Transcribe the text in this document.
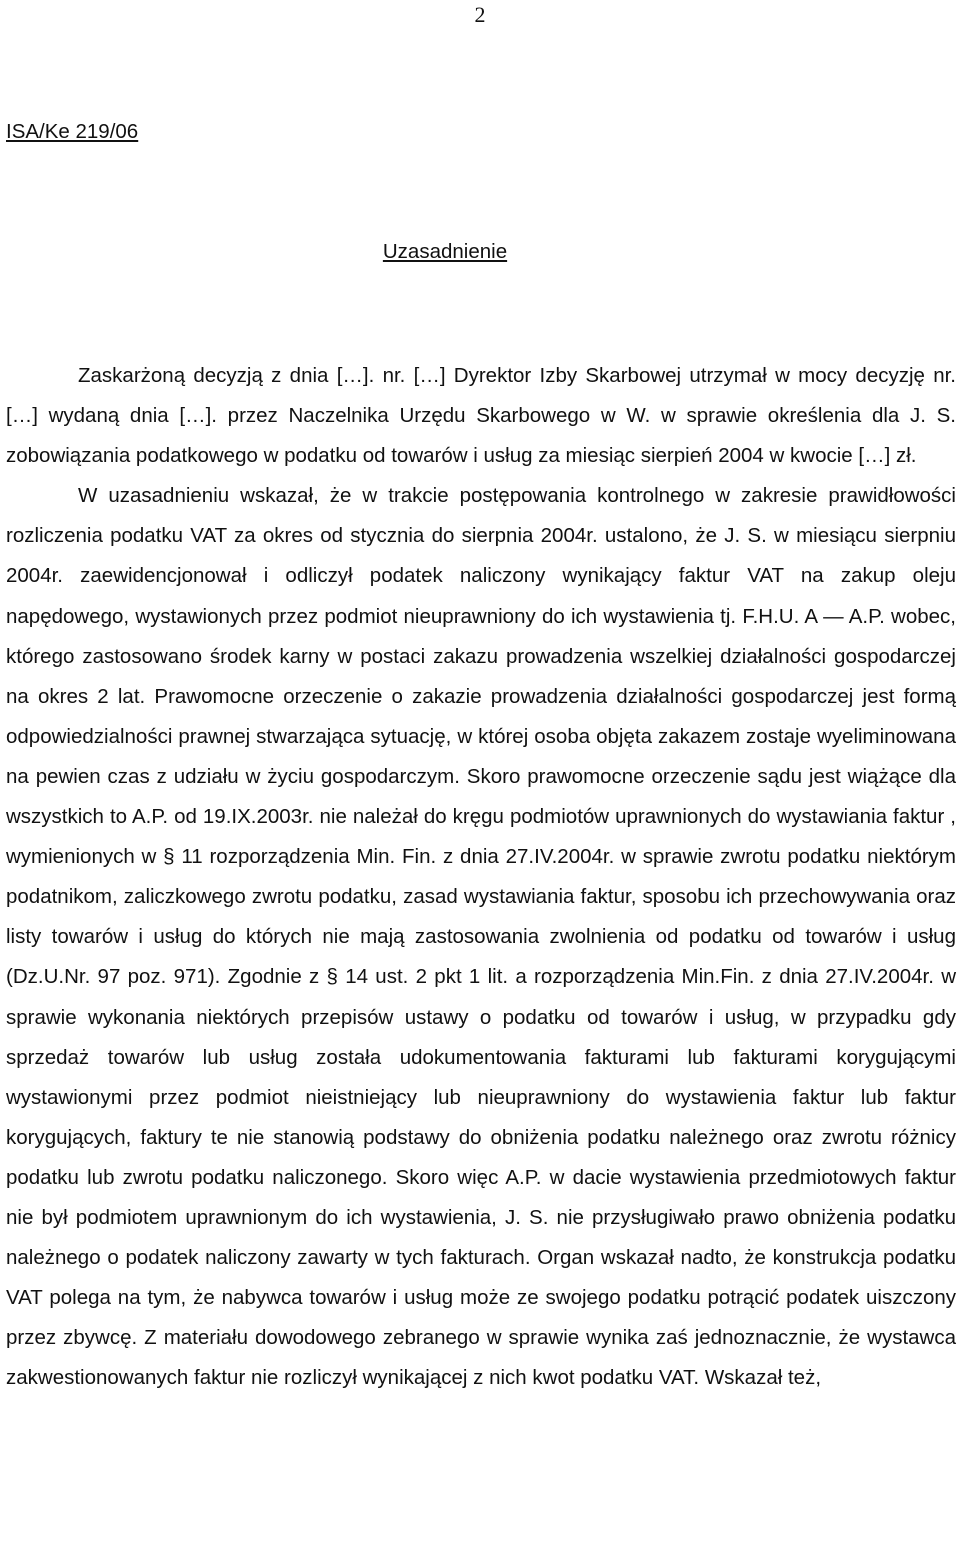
2
ISA/Ke 219/06
Uzasadnienie

Zaskarżoną decyzją z dnia […]. nr. […] Dyrektor Izby Skarbowej utrzymał w mocy decyzję nr. […] wydaną dnia […]. przez Naczelnika Urzędu Skarbowego w W. w sprawie określenia dla J. S. zobowiązania podatkowego w podatku od towarów i usług za miesiąc sierpień 2004 w kwocie […] zł.

W uzasadnieniu wskazał, że w trakcie postępowania kontrolnego w zakresie prawidłowości rozliczenia podatku VAT za okres od stycznia do sierpnia 2004r. ustalono, że J. S. w miesiącu sierpniu 2004r. zaewidencjonował i odliczył podatek naliczony wynikający faktur VAT na zakup oleju napędowego, wystawionych przez podmiot nieuprawniony do ich wystawienia tj. F.H.U. A — A.P. wobec, którego zastosowano środek karny w postaci zakazu prowadzenia wszelkiej działalności gospodarczej na okres 2 lat. Prawomocne orzeczenie o zakazie prowadzenia działalności gospodarczej jest formą odpowiedzialności prawnej stwarzająca sytuację, w której osoba objęta zakazem zostaje wyeliminowana na pewien czas z udziału w życiu gospodarczym. Skoro prawomocne orzeczenie sądu jest wiążące dla wszystkich to A.P. od 19.IX.2003r. nie należał do kręgu podmiotów uprawnionych do wystawiania faktur , wymienionych w § 11 rozporządzenia Min. Fin. z dnia 27.IV.2004r. w sprawie zwrotu podatku niektórym podatnikom, zaliczkowego zwrotu podatku, zasad wystawiania faktur, sposobu ich przechowywania oraz listy towarów i usług do których nie mają zastosowania zwolnienia od podatku od towarów i usług (Dz.U.Nr. 97 poz. 971). Zgodnie z § 14 ust. 2 pkt 1 lit. a rozporządzenia Min.Fin. z dnia 27.IV.2004r. w sprawie wykonania niektórych przepisów ustawy o podatku od towarów i usług, w przypadku gdy sprzedaż towarów lub usług została udokumentowania fakturami lub fakturami korygującymi wystawionymi przez podmiot nieistniejący lub nieuprawniony do wystawienia faktur lub faktur korygujących, faktury te nie stanowią podstawy do obniżenia podatku należnego oraz zwrotu różnicy podatku lub zwrotu podatku naliczonego. Skoro więc A.P. w dacie wystawienia przedmiotowych faktur nie był podmiotem uprawnionym do ich wystawienia, J. S. nie przysługiwało prawo obniżenia podatku należnego o podatek naliczony zawarty w tych fakturach. Organ wskazał nadto, że konstrukcja podatku VAT polega na tym, że nabywca towarów i usług może ze swojego podatku potrącić podatek uiszczony przez zbywcę. Z materiału dowodowego zebranego w sprawie wynika zaś jednoznacznie, że wystawca zakwestionowanych faktur nie rozliczył wynikającej z nich kwot podatku VAT. Wskazał też,
